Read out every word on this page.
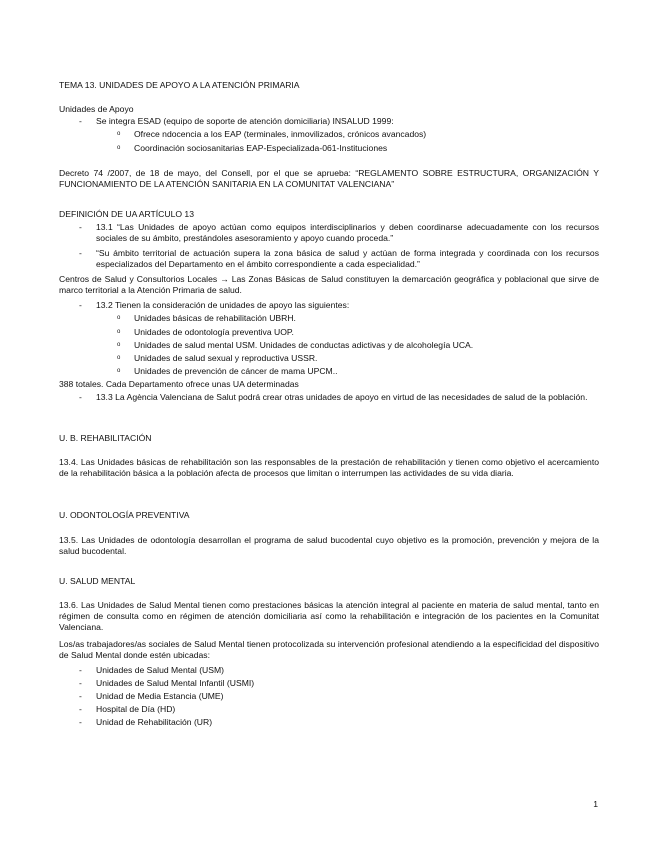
TEMA 13. UNIDADES DE APOYO A LA ATENCIÓN PRIMARIA
Unidades de Apoyo
- Se integra ESAD (equipo de soporte de atención domiciliaria) INSALUD 1999:
o Ofrece ndocencia a los EAP (terminales, inmovilizados, crónicos avancados)
o Coordinación sociosanitarias EAP-Especializada-061-Instituciones
Decreto 74 /2007, de 18 de mayo, del Consell, por el que se aprueba: “REGLAMENTO SOBRE ESTRUCTURA, ORGANIZACIÓN Y FUNCIONAMIENTO DE LA ATENCIÓN SANITARIA EN LA COMUNITAT VALENCIANA”
DEFINICIÓN DE UA ARTÍCULO 13
- 13.1 “Las Unidades de apoyo actúan como equipos interdisciplinarios y deben coordinarse adecuadamente con los recursos sociales de su ámbito, prestándoles asesoramiento y apoyo cuando proceda.”
- “Su ámbito territorial de actuación supera la zona básica de salud y actúan de forma integrada y coordinada con los recursos especializados del Departamento en el ámbito correspondiente a cada especialidad.”
Centros de Salud y Consultorios Locales → Las Zonas Básicas de Salud constituyen la demarcación geográfica y poblacional que sirve de marco territorial a la Atención Primaria de salud.
- 13.2 Tienen la consideración de unidades de apoyo las siguientes:
o Unidades básicas de rehabilitación UBRH.
o Unidades de odontología preventiva UOP.
o Unidades de salud mental USM. Unidades de conductas adictivas y de alcoholegía UCA.
o Unidades de salud sexual y reproductiva USSR.
o Unidades de prevención de cáncer de mama UPCM..
388 totales. Cada Departamento ofrece unas UA determinadas
- 13.3 La Agència Valenciana de Salut podrá crear otras unidades de apoyo en virtud de las necesidades de salud de la población.
U. B. REHABILITACIÓN
13.4. Las Unidades básicas de rehabilitación son las responsables de la prestación de rehabilitación y tienen como objetivo el acercamiento de la rehabilitación básica a la población afecta de procesos que limitan o interrumpen las actividades de su vida diaria.
U. ODONTOLOGÍA PREVENTIVA
13.5. Las Unidades de odontología desarrollan el programa de salud bucodental cuyo objetivo es la promoción, prevención y mejora de la salud bucodental.
U. SALUD MENTAL
13.6. Las Unidades de Salud Mental tienen como prestaciones básicas la atención integral al paciente en materia de salud mental, tanto en régimen de consulta como en régimen de atención domiciliaria así como la rehabilitación e integración de los pacientes en la Comunitat Valenciana.
Los/as trabajadores/as sociales de Salud Mental tienen protocolizada su intervención profesional atendiendo a la especificidad del dispositivo de Salud Mental donde estén ubicadas:
- Unidades de Salud Mental (USM)
- Unidades de Salud Mental Infantil (USMI)
- Unidad de Media Estancia (UME)
- Hospital de Día (HD)
- Unidad de Rehabilitación (UR)
1
